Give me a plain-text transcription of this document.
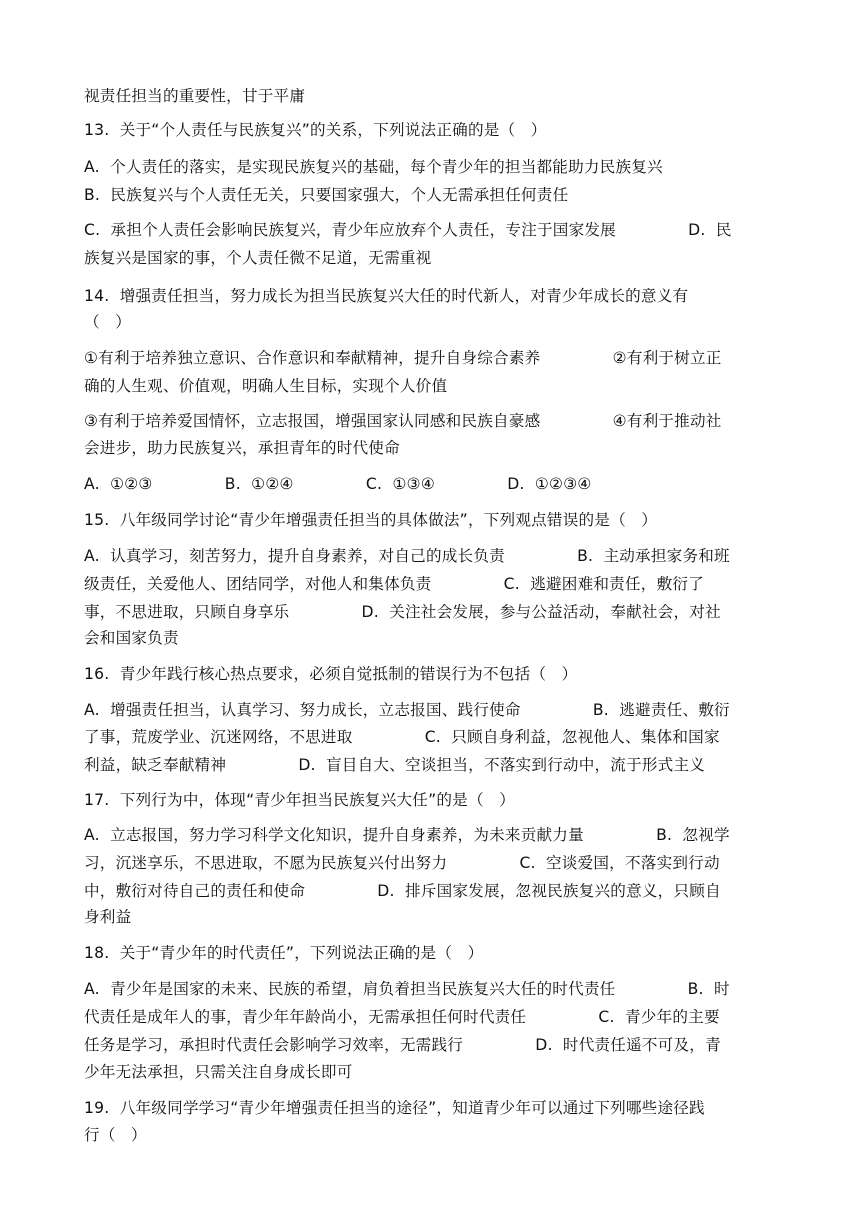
视责任担当的重要性，甘于平庸
13.  关于“个人责任与民族复兴”的关系，下列说法正确的是（   ）
A.  个人责任的落实，是实现民族复兴的基础，每个青少年的担当都能助力民族复兴
B.  民族复兴与个人责任无关，只要国家强大，个人无需承担任何责任
C.  承担个人责任会影响民族复兴，青少年应放弃个人责任，专注于国家发展              D.  民
族复兴是国家的事，个人责任微不足道，无需重视
14.  增强责任担当，努力成长为担当民族复兴大任的时代新人，对青少年成长的意义有
（   ）
①有利于培养独立意识、合作意识和奉献精神，提升自身综合素养              ②有利于树立正
确的人生观、价值观，明确人生目标，实现个人价值
③有利于培养爱国情怀，立志报国，增强国家认同感和民族自豪感              ④有利于推动社
会进步，助力民族复兴，承担青年的时代使命
A.  ①②③              B.  ①②④              C.  ①③④              D.  ①②③④
15.  八年级同学讨论“青少年增强责任担当的具体做法”，下列观点错误的是（   ）
A.  认真学习，刻苦努力，提升自身素养，对自己的成长负责              B.  主动承担家务和班
级责任，关爱他人、团结同学，对他人和集体负责              C.  逃避困难和责任，敷衍了
事，不思进取，只顾自身享乐              D.  关注社会发展，参与公益活动，奉献社会，对社
会和国家负责
16.  青少年践行核心热点要求，必须自觉抵制的错误行为不包括（   ）
A.  增强责任担当，认真学习、努力成长，立志报国、践行使命              B.  逃避责任、敷衍
了事，荒废学业、沉迷网络，不思进取              C.  只顾自身利益，忽视他人、集体和国家
利益，缺乏奉献精神              D.  盲目自大、空谈担当，不落实到行动中，流于形式主义
17.  下列行为中，体现“青少年担当民族复兴大任”的是（   ）
A.  立志报国，努力学习科学文化知识，提升自身素养，为未来贡献力量              B.  忽视学
习，沉迷享乐，不思进取，不愿为民族复兴付出努力              C.  空谈爱国，不落实到行动
中，敷衍对待自己的责任和使命              D.  排斥国家发展，忽视民族复兴的意义，只顾自
身利益
18.  关于“青少年的时代责任”，下列说法正确的是（   ）
A.  青少年是国家的未来、民族的希望，肩负着担当民族复兴大任的时代责任              B.  时
代责任是成年人的事，青少年年龄尚小，无需承担任何时代责任              C.  青少年的主要
任务是学习，承担时代责任会影响学习效率，无需践行              D.  时代责任遥不可及，青
少年无法承担，只需关注自身成长即可
19.  八年级同学学习“青少年增强责任担当的途径”，知道青少年可以通过下列哪些途径践
行（   ）
